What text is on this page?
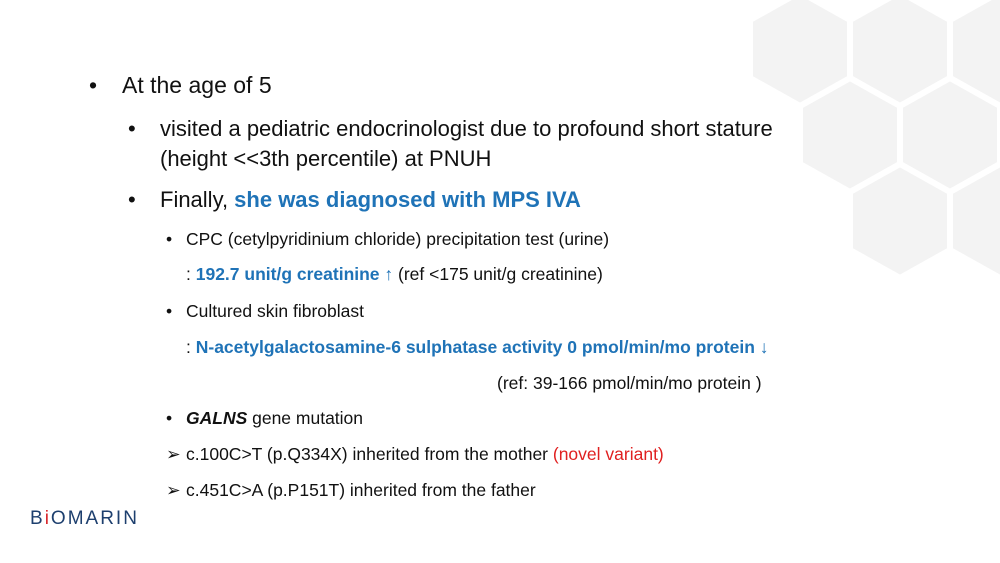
• At the age of 5
• visited a pediatric endocrinologist due to profound short stature
(height <<3th percentile) at PNUH
• Finally, she was diagnosed with MPS IVA
• CPC (cetylpyridinium chloride) precipitation test (urine)
: 192.7 unit/g creatinine ↑ (ref <175 unit/g creatinine)
• Cultured skin fibroblast
: N-acetylgalactosamine-6 sulphatase activity 0 pmol/min/mo protein ↓
(ref: 39-166 pmol/min/mo protein )
• GALNS gene mutation
➢ c.100C>T (p.Q334X) inherited from the mother (novel variant)
➢ c.451C>A (p.P151T) inherited from the father
BiOMARIN
